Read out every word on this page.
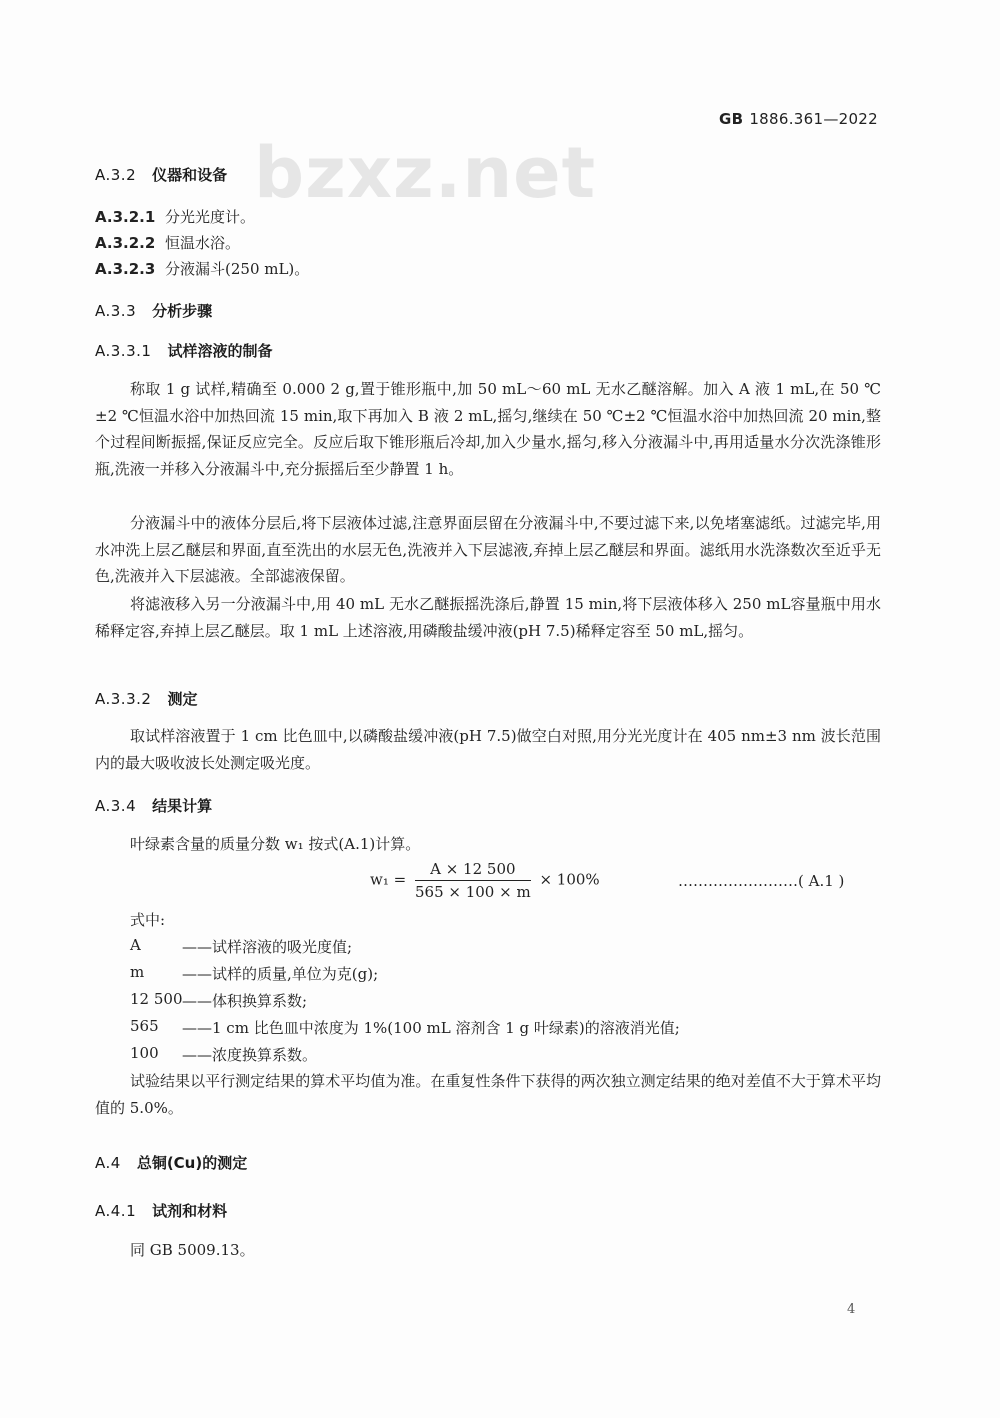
GB 1886.361—2022
bzxz.net
A.3.2 仪器和设备
A.3.2.1 分光光度计。
A.3.2.2 恒温水浴。
A.3.2.3 分液漏斗(250 mL)。
A.3.3 分析步骤
A.3.3.1 试样溶液的制备
称取 1 g 试样,精确至 0.000 2 g,置于锥形瓶中,加 50 mL～60 mL 无水乙醚溶解。加入 A 液 1 mL,在 50 ℃±2 ℃恒温水浴中加热回流 15 min,取下再加入 B 液 2 mL,摇匀,继续在 50 ℃±2 ℃恒温水浴中加热回流 20 min,整个过程间断振摇,保证反应完全。反应后取下锥形瓶后冷却,加入少量水,摇匀,移入分液漏斗中,再用适量水分次洗涤锥形瓶,洗液一并移入分液漏斗中,充分振摇后至少静置 1 h。
分液漏斗中的液体分层后,将下层液体过滤,注意界面层留在分液漏斗中,不要过滤下来,以免堵塞滤纸。过滤完毕,用水冲洗上层乙醚层和界面,直至洗出的水层无色,洗液并入下层滤液,弃掉上层乙醚层和界面。滤纸用水洗涤数次至近乎无色,洗液并入下层滤液。全部滤液保留。
将滤液移入另一分液漏斗中,用 40 mL 无水乙醚振摇洗涤后,静置 15 min,将下层液体移入 250 mL容量瓶中用水稀释定容,弃掉上层乙醚层。取 1 mL 上述溶液,用磷酸盐缓冲液(pH 7.5)稀释定容至 50 mL,摇匀。
A.3.3.2 测定
取试样溶液置于 1 cm 比色皿中,以磷酸盐缓冲液(pH 7.5)做空白对照,用分光光度计在 405 nm±3 nm 波长范围内的最大吸收波长处测定吸光度。
A.3.4 结果计算
叶绿素含量的质量分数 w₁ 按式(A.1)计算。
$w_1 = \frac{A \times 12 500}{565 \times 100 \times m} \times 100\%$	……………………( A.1 )
式中:
A	——试样溶液的吸光度值;
m	——试样的质量,单位为克(g);
12 500 ——体积换算系数;
565 ——1 cm 比色皿中浓度为 1%(100 mL 溶剂含 1 g 叶绿素)的溶液消光值;
100 ——浓度换算系数。
试验结果以平行测定结果的算术平均值为准。在重复性条件下获得的两次独立测定结果的绝对差值不大于算术平均值的 5.0%。
A.4 总铜(Cu)的测定
A.4.1 试剂和材料
同 GB 5009.13。
4
